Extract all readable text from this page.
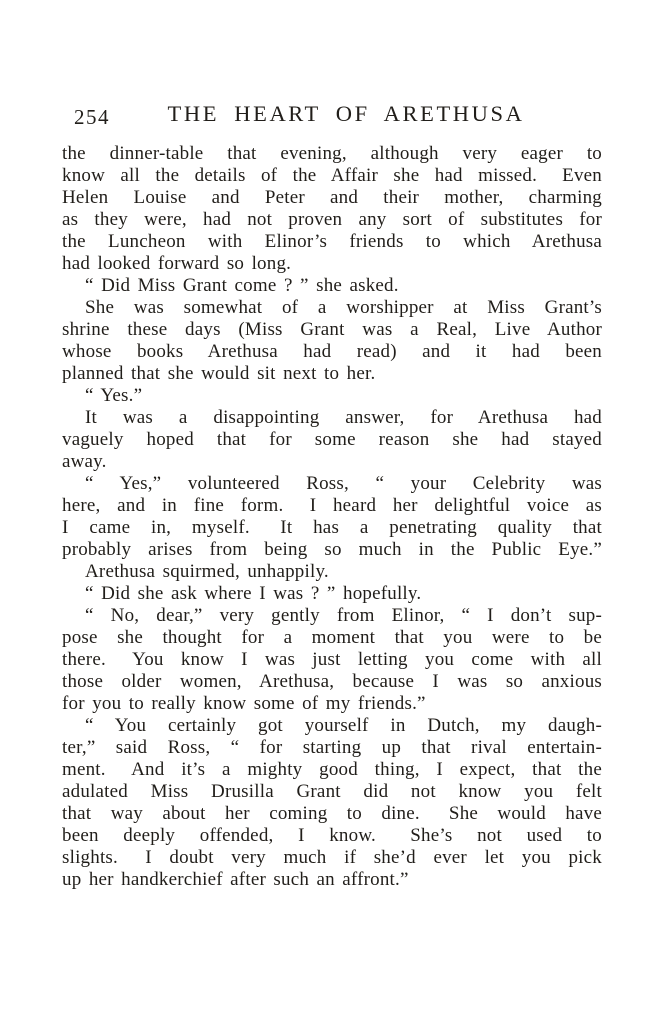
254	THE HEART OF ARETHUSA
the dinner-table that evening, although very eager to
know all the details of the Affair she had missed.  Even
Helen Louise and Peter and their mother, charming
as they were, had not proven any sort of substitutes for
the Luncheon with Elinor’s friends to which Arethusa
had looked forward so long.
“ Did Miss Grant come ? ” she asked.
She was somewhat of a worshipper at Miss Grant’s
shrine these days (Miss Grant was a Real, Live Author
whose books Arethusa had read) and it had been
planned that she would sit next to her.
“ Yes.”
It was a disappointing answer, for Arethusa had
vaguely hoped that for some reason she had stayed
away.
“ Yes,” volunteered Ross, “ your Celebrity was
here, and in fine form.  I heard her delightful voice as
I came in, myself.  It has a penetrating quality that
probably arises from being so much in the Public Eye.”
Arethusa squirmed, unhappily.
“ Did she ask where I was ? ” hopefully.
“ No, dear,” very gently from Elinor, “ I don’t sup-
pose she thought for a moment that you were to be
there.  You know I was just letting you come with all
those older women, Arethusa, because I was so anxious
for you to really know some of my friends.”
“ You certainly got yourself in Dutch, my daugh-
ter,” said Ross, “ for starting up that rival entertain-
ment.  And it’s a mighty good thing, I expect, that the
adulated Miss Drusilla Grant did not know you felt
that way about her coming to dine.  She would have
been deeply offended, I know.  She’s not used to
slights.  I doubt very much if she’d ever let you pick
up her handkerchief after such an affront.”
